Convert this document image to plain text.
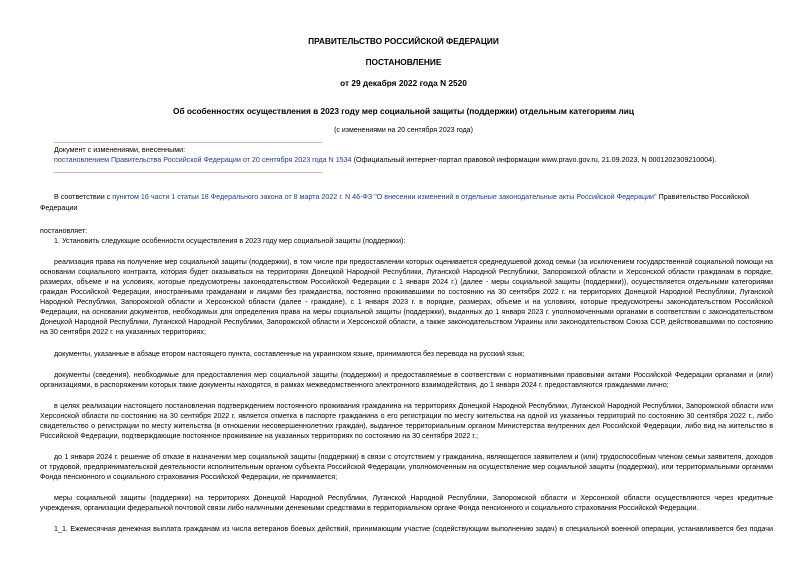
ПРАВИТЕЛЬСТВО РОССИЙСКОЙ ФЕДЕРАЦИИ
ПОСТАНОВЛЕНИЕ
от 29 декабря 2022 года N 2520
Об особенностях осуществления в 2023 году мер социальной защиты (поддержки) отдельным категориям лиц
(с изменениями на 20 сентября 2023 года)
Документ с изменениями, внесенными:
постановлением Правительства Российской Федерации от 20 сентября 2023 года N 1534 (Официальный интернет-портал правовой информации www.pravo.gov.ru, 21.09.2023, N 0001202309210004).
В соответствии с пунктом 16 части 1 статьи 18 Федерального закона от 8 марта 2022 г. N 46-ФЗ "О внесении изменений в отдельные законодательные акты Российской Федерации" Правительство Российской
Федерации
постановляет:
1. Установить следующие особенности осуществления в 2023 году мер социальной защиты (поддержки):
реализация права на получение мер социальной защиты (поддержки), в том числе при предоставлении которых оценивается среднедушевой доход семьи (за исключением государственной социальной помощи на
основании социального контракта, которая будет оказываться на территориях Донецкой Народной Республики, Луганской Народной Республики, Запорожской области и Херсонской области гражданам в порядке,
размерах, объеме и на условиях, которые предусмотрены законодательством Российской Федерации с 1 января 2024 г.) (далее - меры социальной защиты (поддержки)), осуществляется отдельными категориями
граждан Российской Федерации, иностранными гражданами и лицами без гражданства, постоянно проживавшими по состоянию на 30 сентября 2022 г. на территориях Донецкой Народной Республики, Луганской
Народной Республики, Запорожской области и Херсонской области (далее - граждане), с 1 января 2023 г. в порядке, размерах, объеме и на условиях, которые предусмотрены законодательством Российской
Федерации, на основании документов, необходимых для определения права на меры социальной защиты (поддержки), выданных до 1 января 2023 г. уполномоченными органами в соответствии с законодательством
Донецкой Народной Республики, Луганской Народной Республики, Запорожской области и Херсонской области, а также законодательством Украины или законодательством Союза ССР, действовавшими по состоянию
на 30 сентября 2022 г. на указанных территориях;
документы, указанные в абзаце втором настоящего пункта, составленные на украинском языке, принимаются без перевода на русский язык;
документы (сведения), необходимые для предоставления мер социальной защиты (поддержки) и предоставляемые в соответствии с нормативными правовыми актами Российской Федерации органами и (или)
организациями, в распоряжении которых такие документы находятся, в рамках межведомственного электронного взаимодействия, до 1 января 2024 г. предоставляются гражданами лично;
в целях реализации настоящего постановления подтверждением постоянного проживания гражданина на территориях Донецкой Народной Республики, Луганской Народной Республики, Запорожской области или
Херсонской области по состоянию на 30 сентября 2022 г. является отметка в паспорте гражданина о его регистрации по месту жительства на одной из указанных территорий по состоянию 30 сентября 2022 г., либо
свидетельство о регистрации по месту жительства (в отношении несовершеннолетних граждан), выданное территориальным органом Министерства внутренних дел Российской Федерации, либо вид на жительство в
Российской Федерации, подтверждающие постоянное проживание на указанных территориях по состоянию на 30 сентября 2022 г.;
до 1 января 2024 г. решение об отказе в назначении мер социальной защиты (поддержки) в связи с отсутствием у гражданина, являющегося заявителем и (или) трудоспособным членом семьи заявителя, доходов
от трудовой, предпринимательской деятельности исполнительным органом субъекта Российской Федерации, уполномоченным на осуществление мер социальной защиты (поддержки), или территориальными органами
Фонда пенсионного и социального страхования Российской Федерации, не принимается;
меры социальной защиты (поддержки) на территориях Донецкой Народной Республики, Луганской Народной Республики, Запорожской области и Херсонской области осуществляются через кредитные
учреждения, организации федеральной почтовой связи либо наличными денежными средствами в территориальном органе Фонда пенсионного и социального страхования Российской Федерации.
1_1. Ежемесячная денежная выплата гражданам из числа ветеранов боевых действий, принимающим участие (содействующим выполнению задач) в специальной военной операции, устанавливается без подачи
